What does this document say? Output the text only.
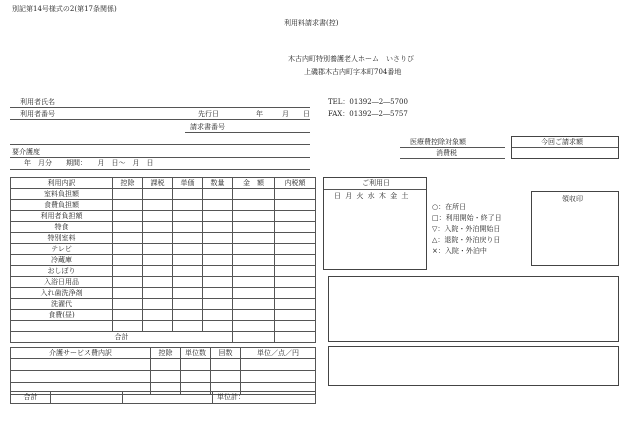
別記第14号様式の2(第17条関係)
利用料請求書(控)
木古内町特別養護老人ホーム　いさりび
上磯郡木古内町字本町704番地
利用者氏名
利用者番号	先行日	年	月 日
請求書番号
要介護度
年　月分　　期間：　　月　日～　月　日
TEL：01392―2―5700
FAX：01392―2―5757
医療費控除対象額
消費税
今回ご請求額
利用内訳	控除	課税	単価	数量	金　額	内税額
室料負担額						
食費負担額						
利用者負担額						
特食						
特別室料						
テレビ						
冷蔵庫						
おしぼり						
入浴日用品						
入れ歯洗浄剤						
洗濯代						
食費(昼)						

合計						
ご利用日
日 月 火 水 木 金 土
○：在所日
□：利用開始・終了日
▽：入院・外泊開始日
△：退院・外泊戻り日
×：入院・外泊中
領収印
介護サービス費内訳	控除	単位数	回数	単位／点／円

合計			単位計：
